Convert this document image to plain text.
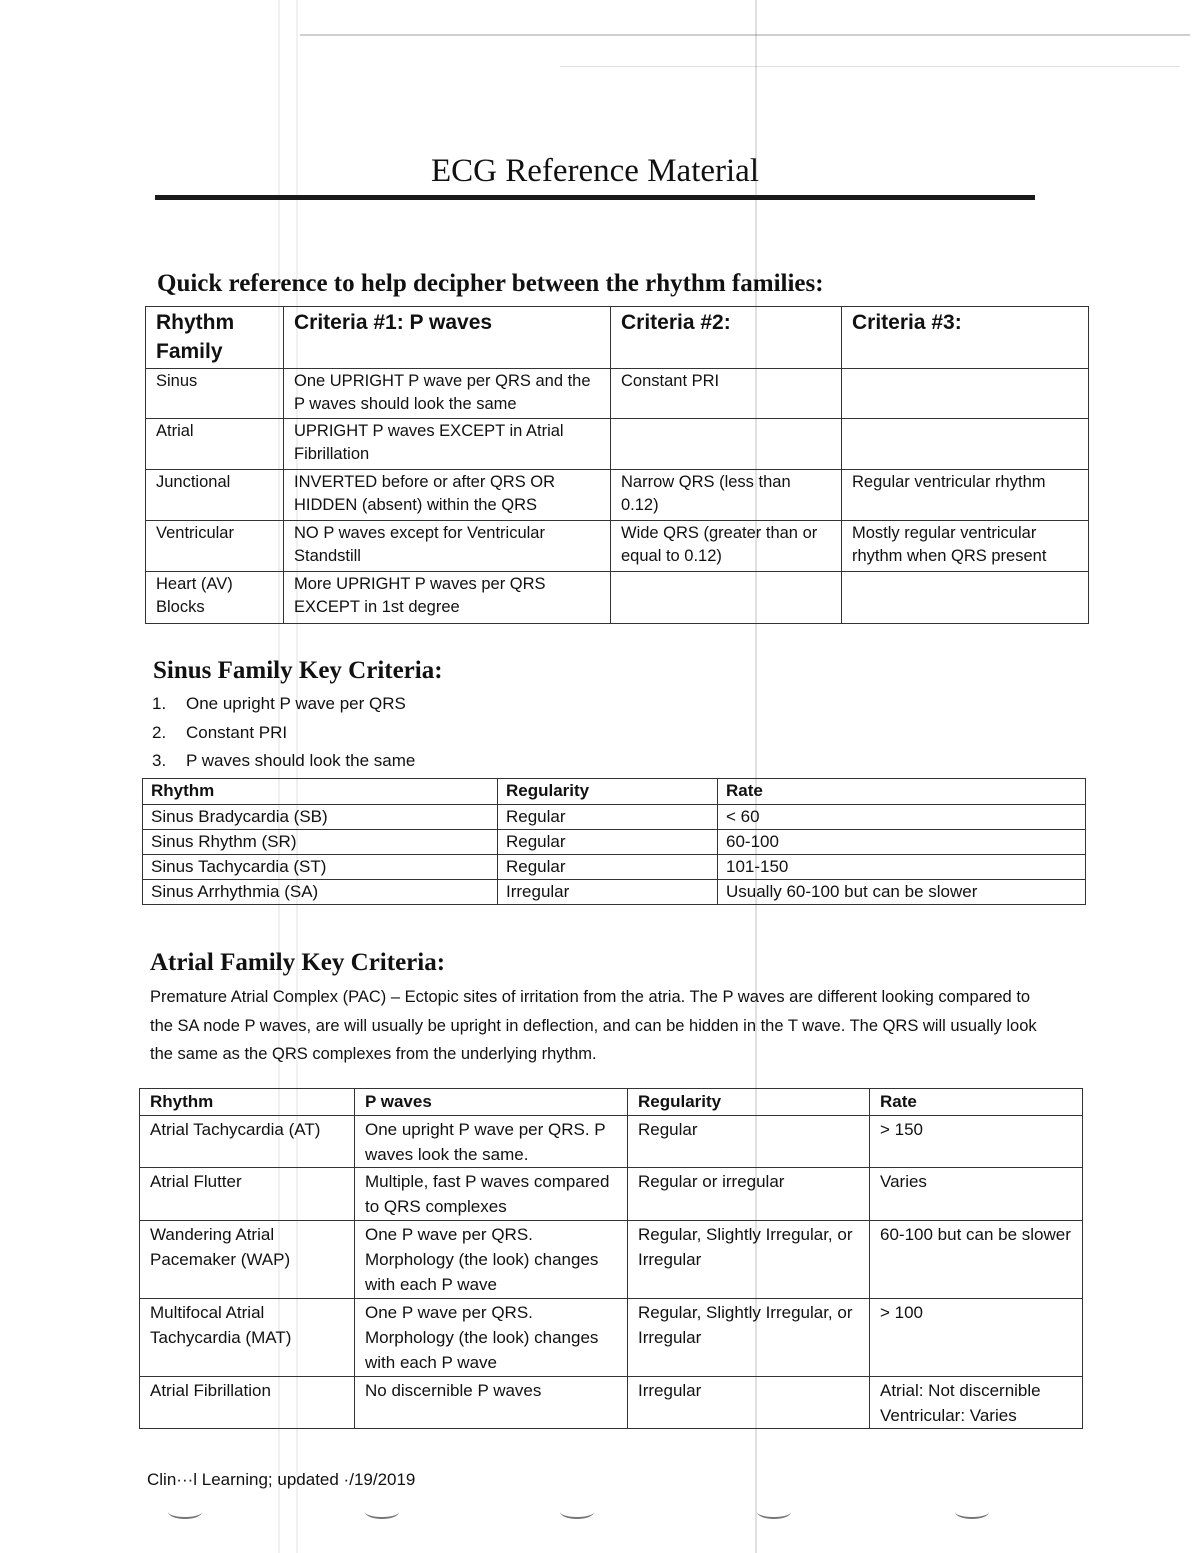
ECG Reference Material
Quick reference to help decipher between the rhythm families:
Rhythm Family	Criteria #1: P waves	Criteria #2:	Criteria #3:
Sinus	One UPRIGHT P wave per QRS and the P waves should look the same	Constant PRI	
Atrial	UPRIGHT P waves EXCEPT in Atrial Fibrillation		
Junctional	INVERTED before or after QRS OR HIDDEN (absent) within the QRS	Narrow QRS (less than 0.12)	Regular ventricular rhythm
Ventricular	NO P waves except for Ventricular Standstill	Wide QRS (greater than or equal to 0.12)	Mostly regular ventricular rhythm when QRS present
Heart (AV) Blocks	More UPRIGHT P waves per QRS EXCEPT in 1st degree		
Sinus Family Key Criteria:
1.	One upright P wave per QRS
2.	Constant PRI
3.	P waves should look the same
Rhythm	Regularity	Rate
Sinus Bradycardia (SB)	Regular	< 60
Sinus Rhythm (SR)	Regular	60-100
Sinus Tachycardia (ST)	Regular	101-150
Sinus Arrhythmia (SA)	Irregular	Usually 60-100 but can be slower
Atrial Family Key Criteria:

Premature Atrial Complex (PAC) – Ectopic sites of irritation from the atria. The P waves are different looking compared to the SA node P waves, are will usually be upright in deflection, and can be hidden in the T wave. The QRS will usually look the same as the QRS complexes from the underlying rhythm.

Rhythm	P waves	Regularity	Rate
Atrial Tachycardia (AT)	One upright P wave per QRS. P waves look the same.	Regular	> 150
Atrial Flutter	Multiple, fast P waves compared to QRS complexes	Regular or irregular	Varies
Wandering Atrial Pacemaker (WAP)	One P wave per QRS. Morphology (the look) changes with each P wave	Regular, Slightly Irregular, or Irregular	60-100 but can be slower
Multifocal Atrial Tachycardia (MAT)	One P wave per QRS. Morphology (the look) changes with each P wave	Regular, Slightly Irregular, or Irregular	> 100
Atrial Fibrillation	No discernible P waves	Irregular	Atrial: Not discernible Ventricular: Varies

Clin···l Learning; updated ·/19/2019
